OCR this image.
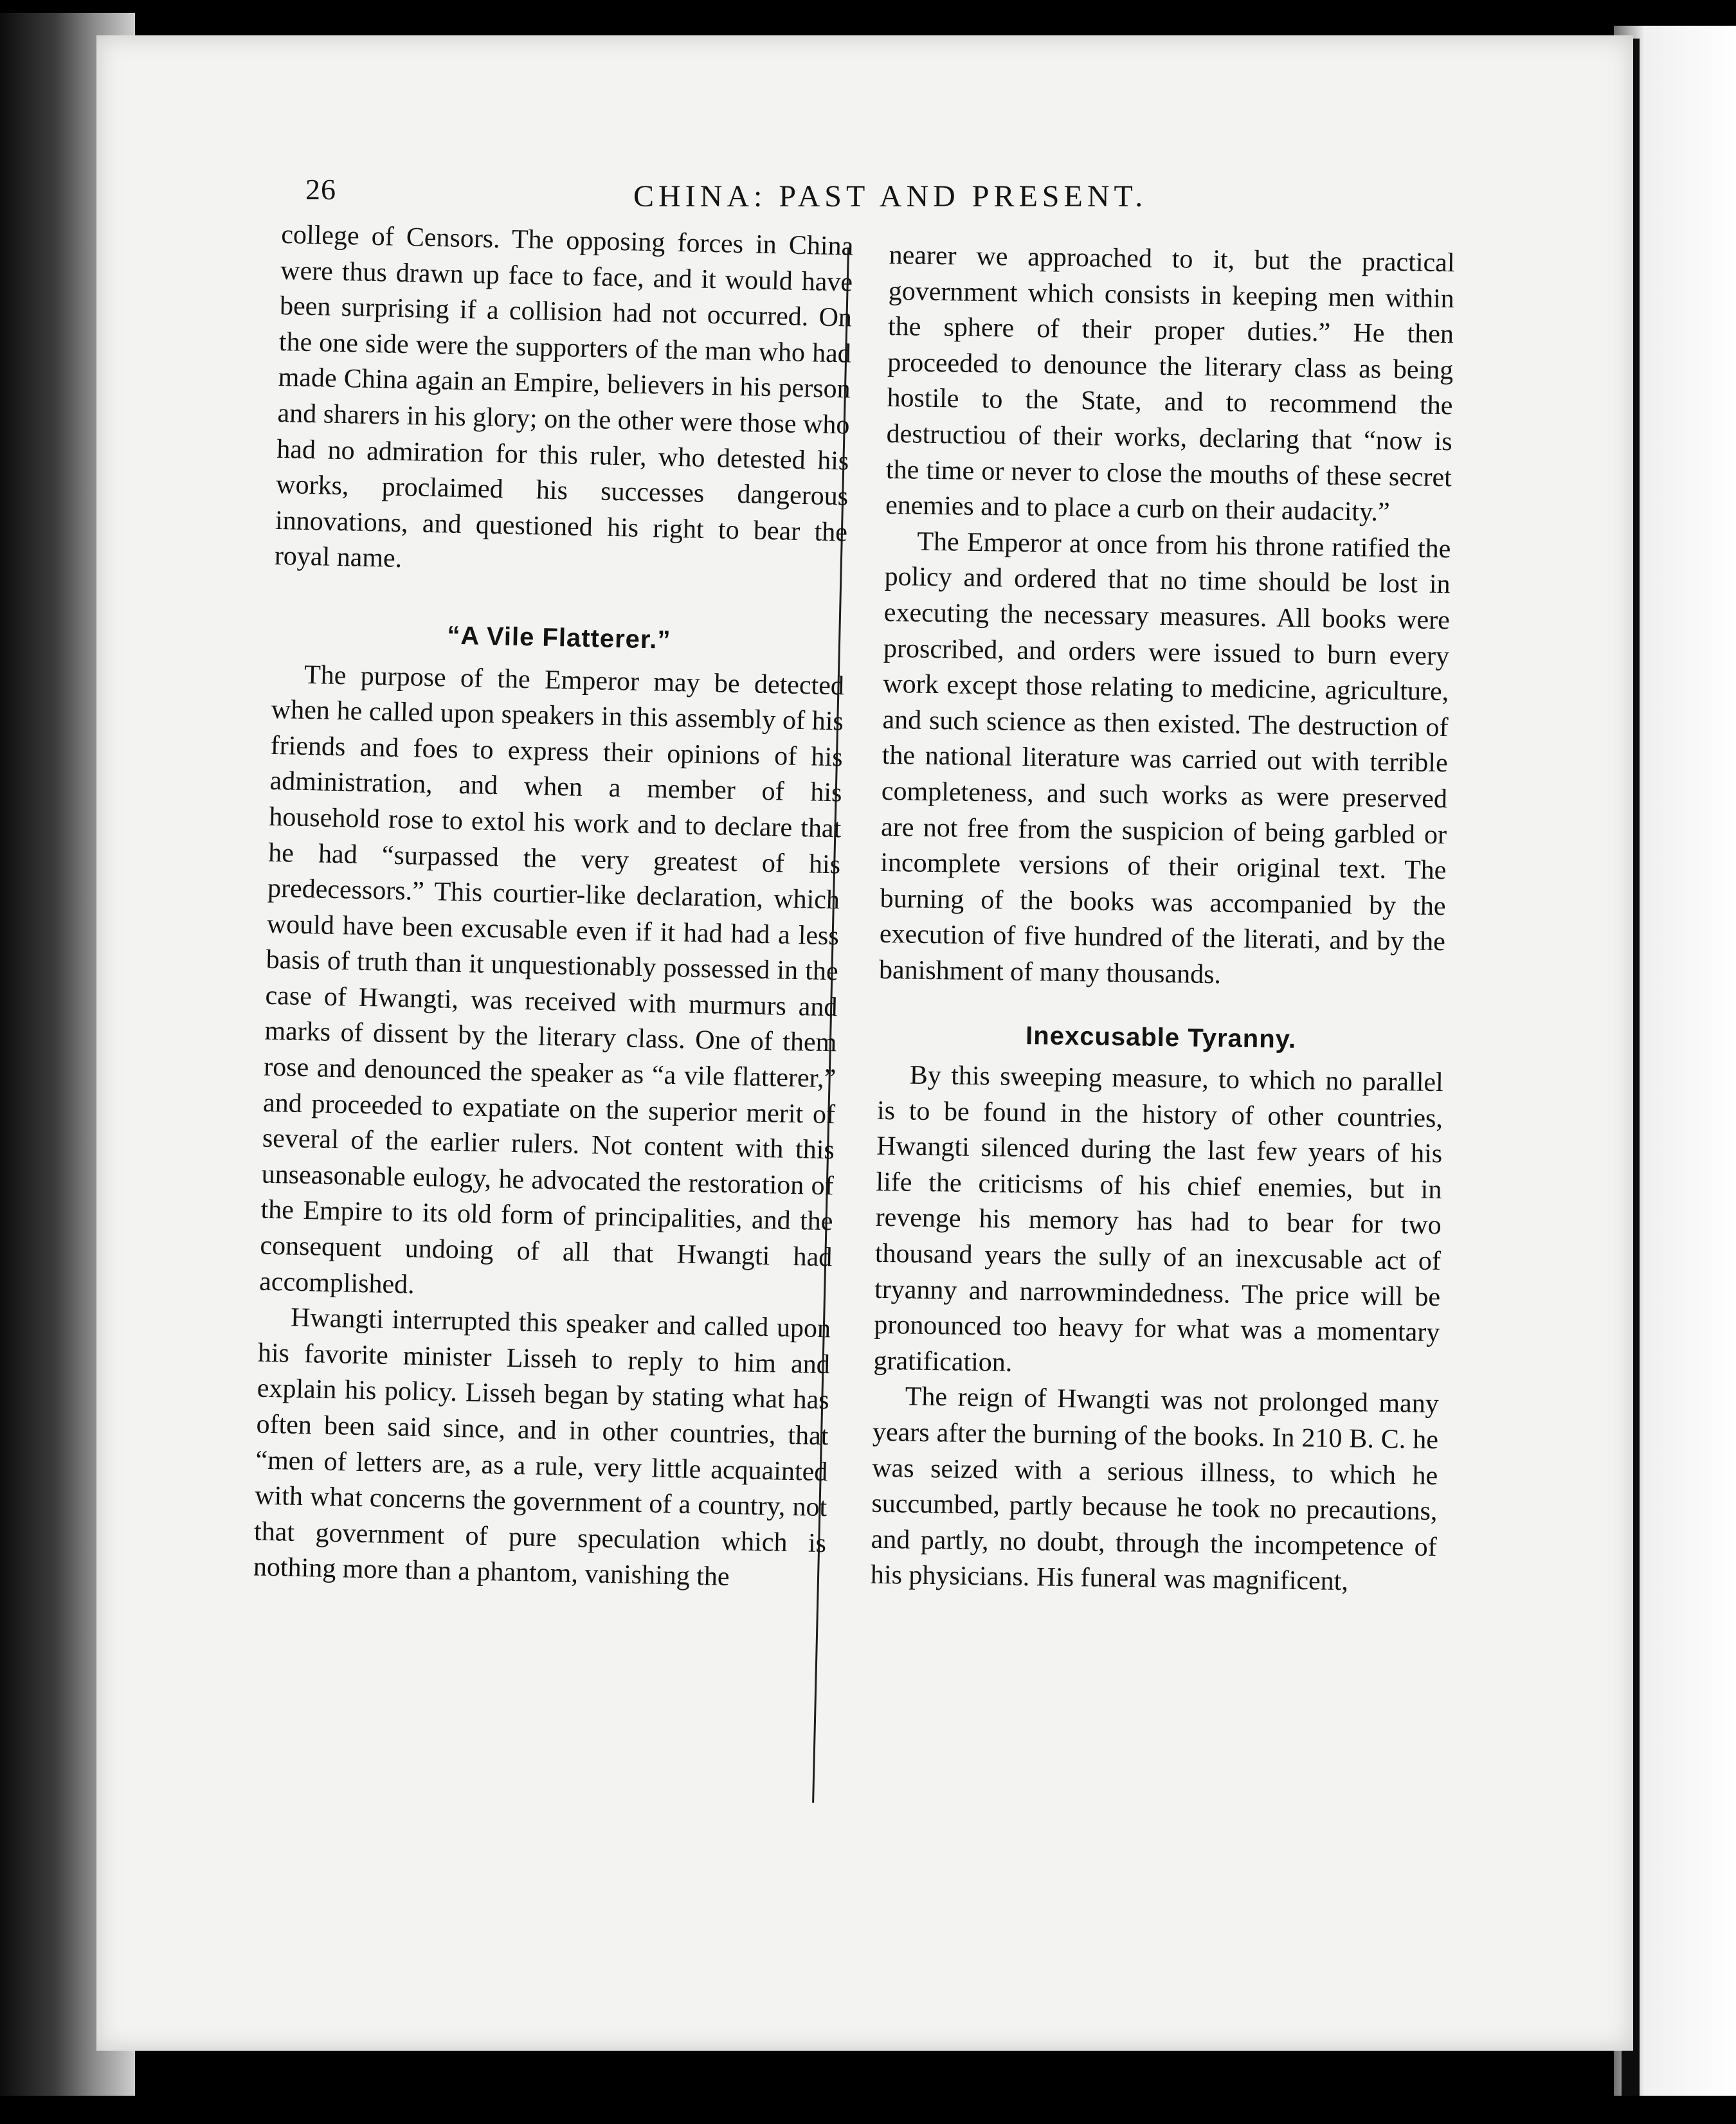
26	CHINA: PAST AND PRESENT.

college of Censors. The opposing forces in China were thus drawn up face to face, and it would have been surprising if a collision had not occurred. On the one side were the supporters of the man who had made China again an Empire, believers in his person and sharers in his glory; on the other were those who had no admiration for this ruler, who detested his works, proclaimed his successes dangerous innovations, and questioned his right to bear the royal name.

“A Vile Flatterer.”

The purpose of the Emperor may be detected when he called upon speakers in this assembly of his friends and foes to express their opinions of his administration, and when a member of his household rose to extol his work and to declare that he had “surpassed the very greatest of his predecessors.” This courtier-like declaration, which would have been excusable even if it had had a less basis of truth than it unquestionably possessed in the case of Hwangti, was received with murmurs and marks of dissent by the literary class. One of them rose and denounced the speaker as “a vile flatterer,” and proceeded to expatiate on the superior merit of several of the earlier rulers. Not content with this unseasonable eulogy, he advocated the restoration of the Empire to its old form of principalities, and the consequent undoing of all that Hwangti had accomplished.

Hwangti interrupted this speaker and called upon his favorite minister Lisseh to reply to him and explain his policy. Lisseh began by stating what has often been said since, and in other countries, that “men of letters are, as a rule, very little acquainted with what concerns the government of a country, not that government of pure speculation which is nothing more than a phantom, vanishing the

nearer we approached to it, but the practical government which consists in keeping men within the sphere of their proper duties.” He then proceeded to denounce the literary class as being hostile to the State, and to recommend the destructiou of their works, declaring that “now is the time or never to close the mouths of these secret enemies and to place a curb on their audacity.”

The Emperor at once from his throne ratified the policy and ordered that no time should be lost in executing the necessary measures. All books were proscribed, and orders were issued to burn every work except those relating to medicine, agriculture, and such science as then existed. The destruction of the national literature was carried out with terrible completeness, and such works as were preserved are not free from the suspicion of being garbled or incomplete versions of their original text. The burning of the books was accompanied by the execution of five hundred of the literati, and by the banishment of many thousands.

Inexcusable Tyranny.

By this sweeping measure, to which no parallel is to be found in the history of other countries, Hwangti silenced during the last few years of his life the criticisms of his chief enemies, but in revenge his memory has had to bear for two thousand years the sully of an inexcusable act of tryanny and narrowmindedness. The price will be pronounced too heavy for what was a momentary gratification.

The reign of Hwangti was not prolonged many years after the burning of the books. In 210 B. C. he was seized with a serious illness, to which he succumbed, partly because he took no precautions, and partly, no doubt, through the incompetence of his physicians. His funeral was magnificent,
